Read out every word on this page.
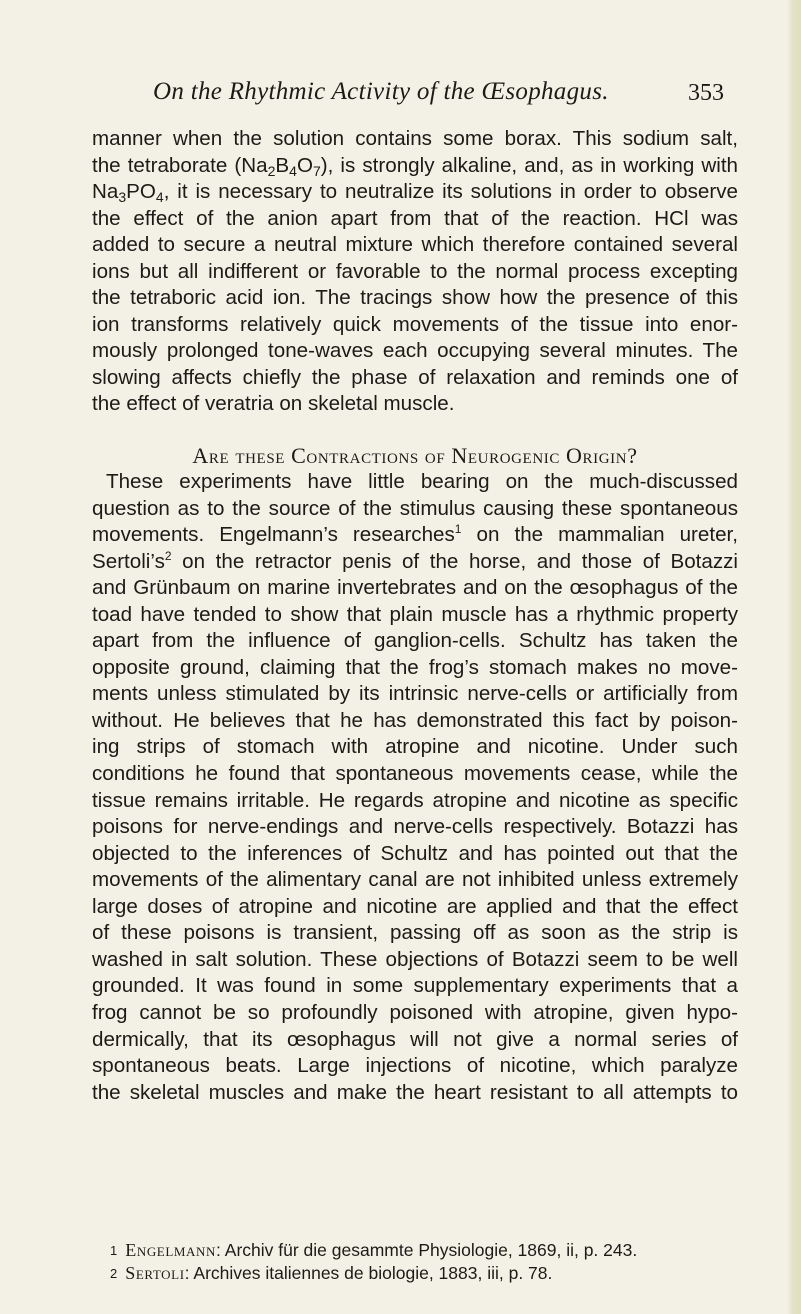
On the Rhythmic Activity of the Œsophagus.	353

manner when the solution contains some borax. This sodium salt,
the tetraborate $(Na_2B_4O_7)$, is strongly alkaline, and, as in working with
$Na_3PO_4$, it is necessary to neutralize its solutions in order to observe
the effect of the anion apart from that of the reaction. HCl was
added to secure a neutral mixture which therefore contained several
ions but all indifferent or favorable to the normal process excepting
the tetraboric acid ion. The tracings show how the presence of this
ion transforms relatively quick movements of the tissue into enor-
mously prolonged tone-waves each occupying several minutes. The
slowing affects chiefly the phase of relaxation and reminds one of
the effect of veratria on skeletal muscle.

Are these Contractions of Neurogenic Origin?

These experiments have little bearing on the much-discussed
question as to the source of the stimulus causing these spontaneous
movements. Engelmann’s researches$^1$ on the mammalian ureter,
$Sertoli’s^2$ on the retractor penis of the horse, and those of Botazzi
and Grünbaum on marine invertebrates and on the œsophagus of the
toad have tended to show that plain muscle has a rhythmic property
apart from the influence of ganglion-cells. Schultz has taken the
opposite ground, claiming that the frog’s stomach makes no move-
ments unless stimulated by its intrinsic nerve-cells or artificially from
without. He believes that he has demonstrated this fact by poison-
ing strips of stomach with atropine and nicotine. Under such
conditions he found that spontaneous movements cease, while the
tissue remains irritable. He regards atropine and nicotine as specific
poisons for nerve-endings and nerve-cells respectively. Botazzi has
objected to the inferences of Schultz and has pointed out that the
movements of the alimentary canal are not inhibited unless extremely
large doses of atropine and nicotine are applied and that the effect
of these poisons is transient, passing off as soon as the strip is
washed in salt solution. These objections of Botazzi seem to be well
grounded. It was found in some supplementary experiments that a
frog cannot be so profoundly poisoned with atropine, given hypo-
dermically, that its œsophagus will not give a normal series of
spontaneous beats. Large injections of nicotine, which paralyze
the skeletal muscles and make the heart resistant to all attempts to

1 Engelmann: Archiv für die gesammte Physiologie, 1869, ii, p. 243.
2 Sertoli: Archives italiennes de biologie, 1883, iii, p. 78.
